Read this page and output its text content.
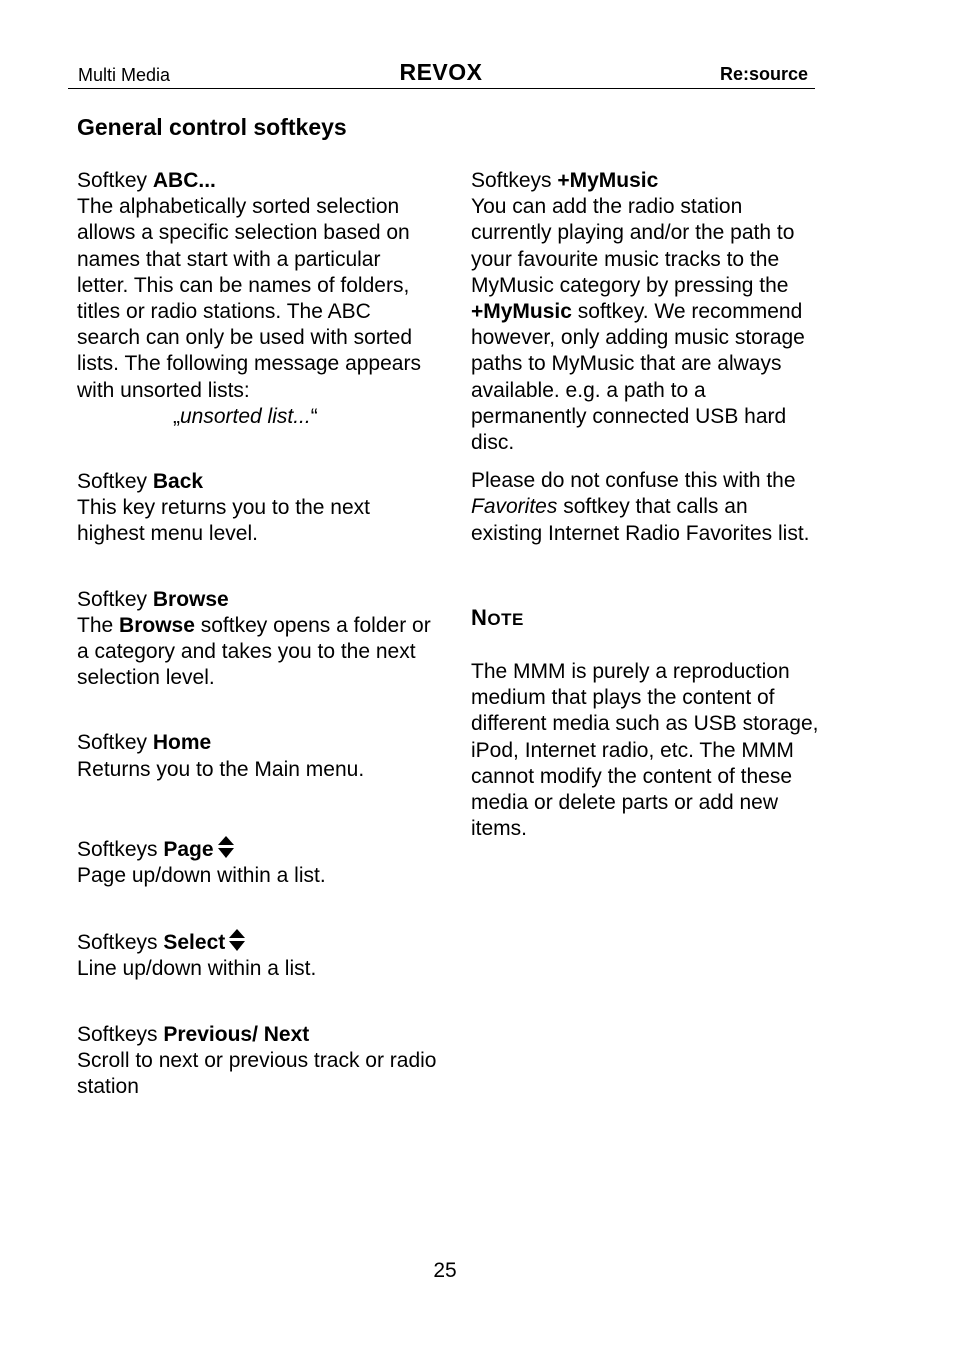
Multi Media	REVOX	Re:source
General control softkeys

Softkey ABC...

The alphabetically sorted selection allows a specific selection based on names that start with a particular letter. This can be names of folders, titles or radio stations. The ABC search can only be used with sorted lists. The following message appears with unsorted lists:

„unsorted list...“

Softkey Back

This key returns you to the next highest menu level.

Softkey Browse

The Browse softkey opens a folder or a category and takes you to the next selection level.

Softkey Home

Returns you to the Main menu.

Softkeys Page

Page up/down within a list.

Softkeys Select

Line up/down within a list.

Softkeys Previous/ Next

Scroll to next or previous track or radio station

Softkeys +MyMusic

You can add the radio station currently playing and/or the path to your favourite music tracks to the MyMusic category by pressing the +MyMusic softkey. We recommend however, only adding music storage paths to MyMusic that are always available. e.g. a path to a permanently connected USB hard disc.

Please do not confuse this with the Favorites softkey that calls an existing Internet Radio Favorites list.

NOTE

The MMM is purely a reproduction medium that plays the content of different media such as USB storage, iPod, Internet radio, etc. The MMM cannot modify the content of these media or delete parts or add new items.

25
